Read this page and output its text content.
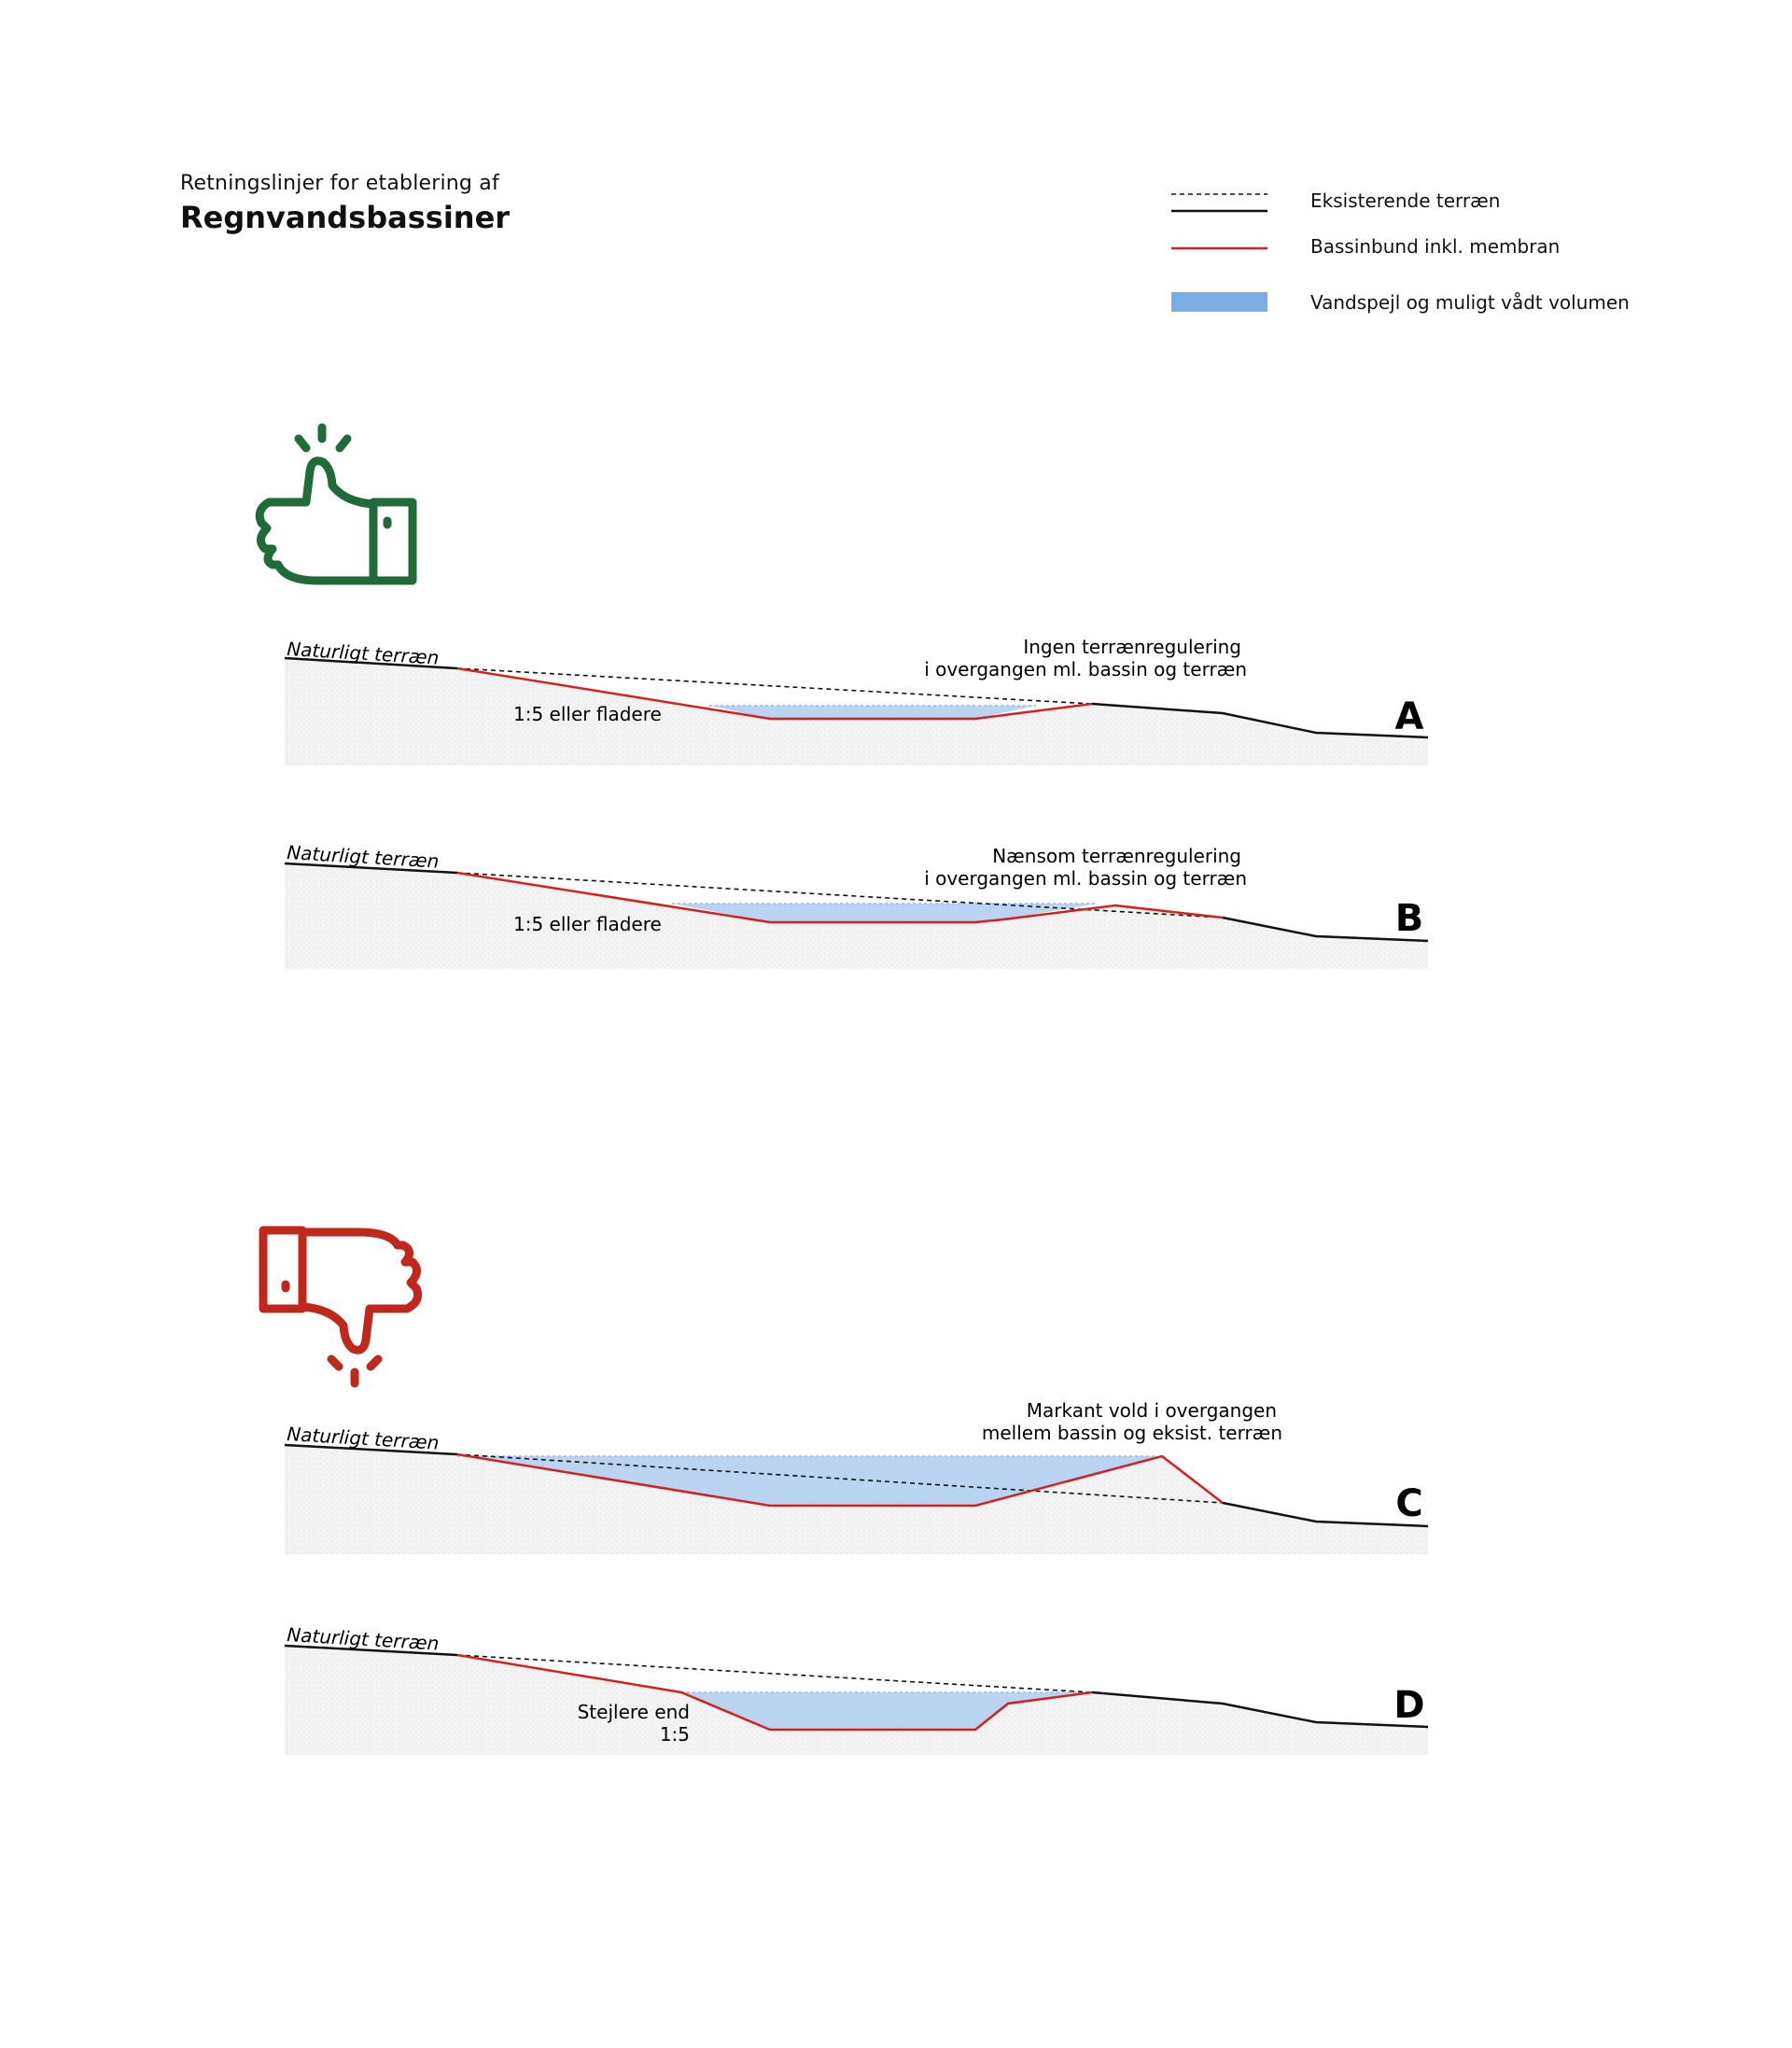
Retningslinjer for etablering af
Regnvandsbassiner	Eksisterende terræn
Bassinbund inkl. membran
Vandspejl og muligt vådt volumen
Naturligt terræn	Ingen terrænregulering
i overgangen ml. bassin og terræn
1:5 eller fladere	A
Naturligt terræn	Nænsom terrænregulering
i overgangen ml. bassin og terræn
1:5 eller fladere	B
Naturligt terræn
Markant vold i overgangen
mellem bassin og eksist. terræn
C
Naturligt terræn
Stejlere end
1:5
D
